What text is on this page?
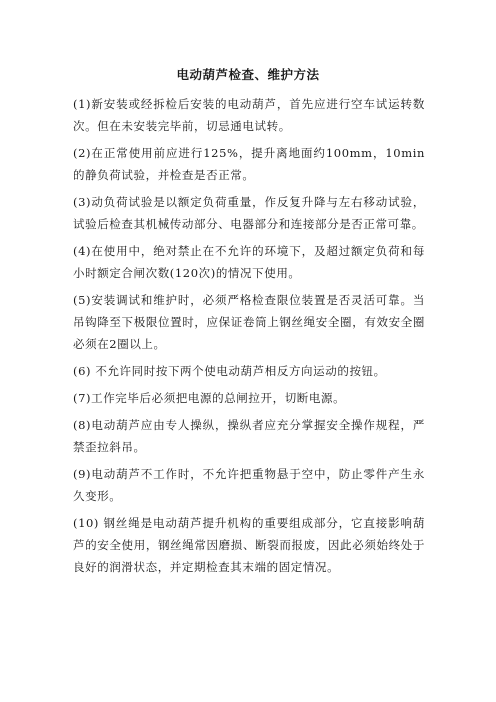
电动葫芦检查、维护方法

(1)新安装或经拆检后安装的电动葫芦，首先应进行空车试运转数次。但在未安装完毕前，切忌通电试转。

(2)在正常使用前应进行125%，提升离地面约100mm，10min的静负荷试验，并检查是否正常。

(3)动负荷试验是以额定负荷重量，作反复升降与左右移动试验，试验后检查其机械传动部分、电器部分和连接部分是否正常可靠。

(4)在使用中，绝对禁止在不允许的环境下，及超过额定负荷和每小时额定合闸次数(120次)的情况下使用。

(5)安装调试和维护时，必须严格检查限位装置是否灵活可靠。当吊钩降至下极限位置时，应保证卷筒上钢丝绳安全圈，有效安全圈必须在2圈以上。

(6) 不允许同时按下两个使电动葫芦相反方向运动的按钮。

(7)工作完毕后必须把电源的总闸拉开，切断电源。

(8)电动葫芦应由专人操纵，操纵者应充分掌握安全操作规程，严禁歪拉斜吊。

(9)电动葫芦不工作时，不允许把重物悬于空中，防止零件产生永久变形。

(10) 钢丝绳是电动葫芦提升机构的重要组成部分，它直接影响葫芦的安全使用，钢丝绳常因磨损、断裂而报废，因此必须始终处于良好的润滑状态，并定期检查其末端的固定情况。
